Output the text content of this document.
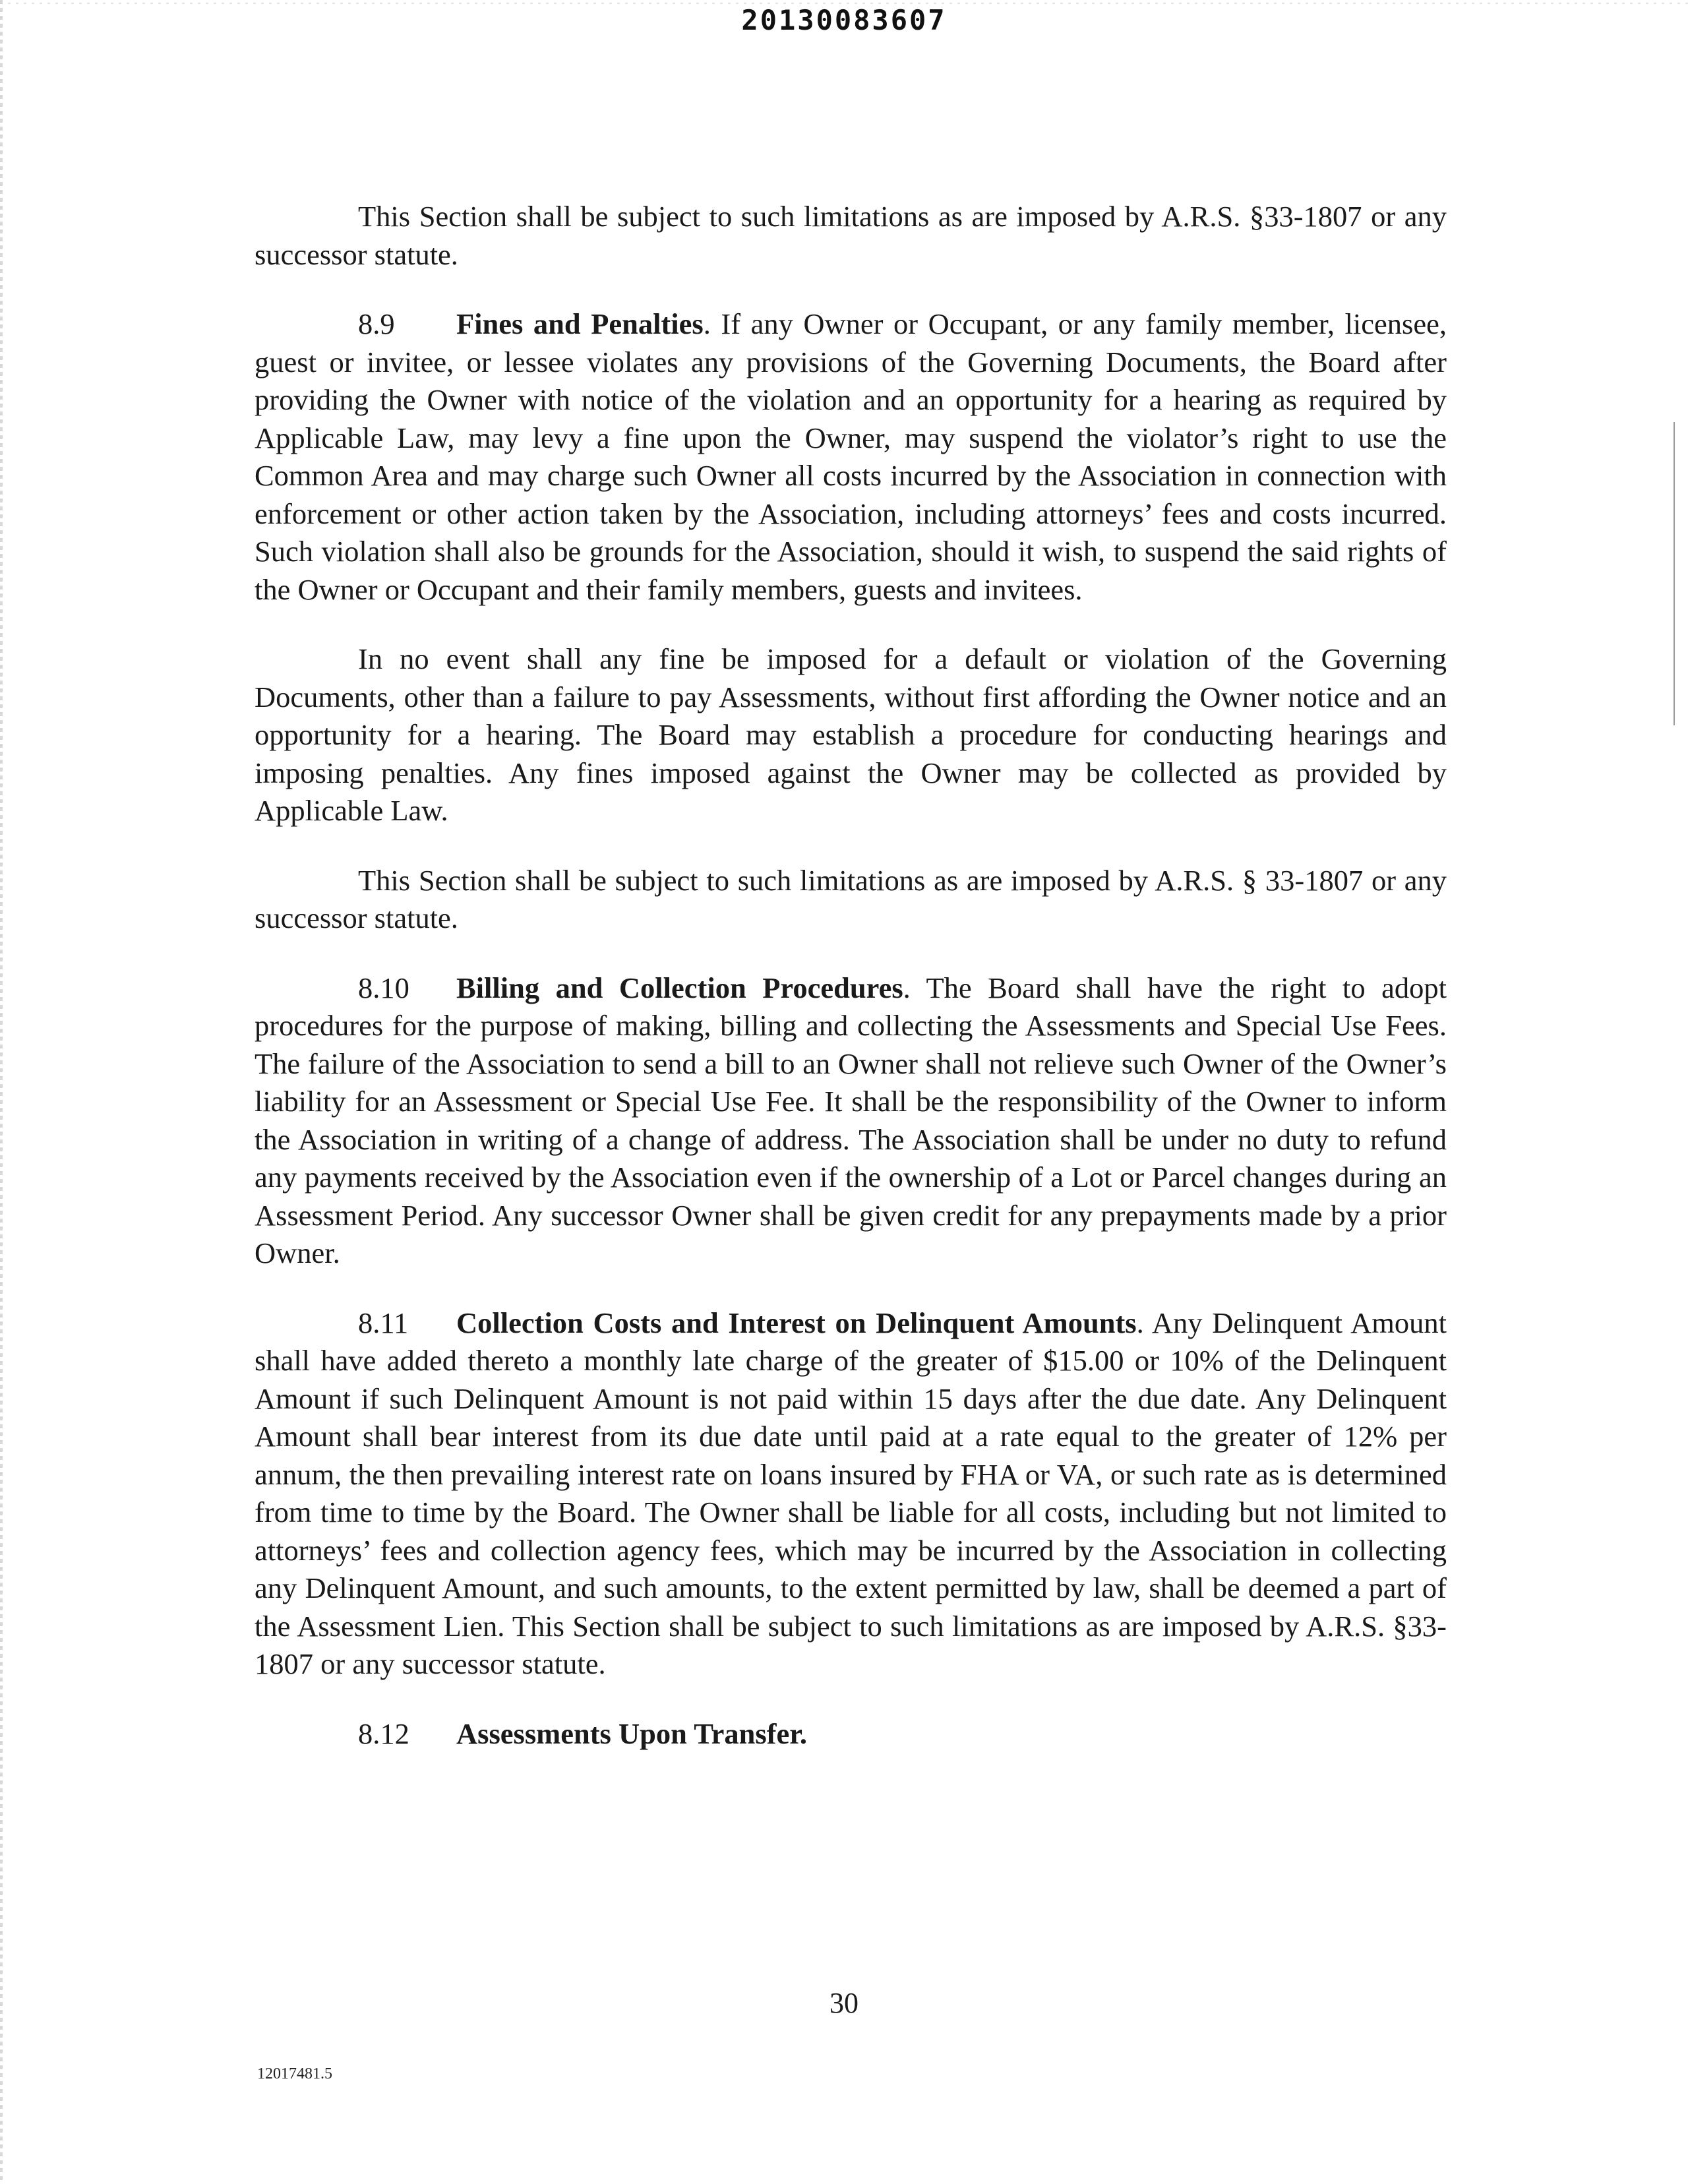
20130083607

This Section shall be subject to such limitations as are imposed by A.R.S. §33-1807 or any successor statute.

8.9 Fines and Penalties. If any Owner or Occupant, or any family member, licensee, guest or invitee, or lessee violates any provisions of the Governing Documents, the Board after providing the Owner with notice of the violation and an opportunity for a hearing as required by Applicable Law, may levy a fine upon the Owner, may suspend the violator’s right to use the Common Area and may charge such Owner all costs incurred by the Association in connection with enforcement or other action taken by the Association, including attorneys’ fees and costs incurred. Such violation shall also be grounds for the Association, should it wish, to suspend the said rights of the Owner or Occupant and their family members, guests and invitees.

In no event shall any fine be imposed for a default or violation of the Governing Documents, other than a failure to pay Assessments, without first affording the Owner notice and an opportunity for a hearing. The Board may establish a procedure for conducting hearings and imposing penalties. Any fines imposed against the Owner may be collected as provided by Applicable Law.

This Section shall be subject to such limitations as are imposed by A.R.S. § 33-1807 or any successor statute.

8.10 Billing and Collection Procedures. The Board shall have the right to adopt procedures for the purpose of making, billing and collecting the Assessments and Special Use Fees. The failure of the Association to send a bill to an Owner shall not relieve such Owner of the Owner’s liability for an Assessment or Special Use Fee. It shall be the responsibility of the Owner to inform the Association in writing of a change of address. The Association shall be under no duty to refund any payments received by the Association even if the ownership of a Lot or Parcel changes during an Assessment Period. Any successor Owner shall be given credit for any prepayments made by a prior Owner.

8.11 Collection Costs and Interest on Delinquent Amounts. Any Delinquent Amount shall have added thereto a monthly late charge of the greater of $15.00 or 10% of the Delinquent Amount if such Delinquent Amount is not paid within 15 days after the due date. Any Delinquent Amount shall bear interest from its due date until paid at a rate equal to the greater of 12% per annum, the then prevailing interest rate on loans insured by FHA or VA, or such rate as is determined from time to time by the Board. The Owner shall be liable for all costs, including but not limited to attorneys’ fees and collection agency fees, which may be incurred by the Association in collecting any Delinquent Amount, and such amounts, to the extent permitted by law, shall be deemed a part of the Assessment Lien. This Section shall be subject to such limitations as are imposed by A.R.S. §33-1807 or any successor statute.

8.12 Assessments Upon Transfer.

30
12017481.5
